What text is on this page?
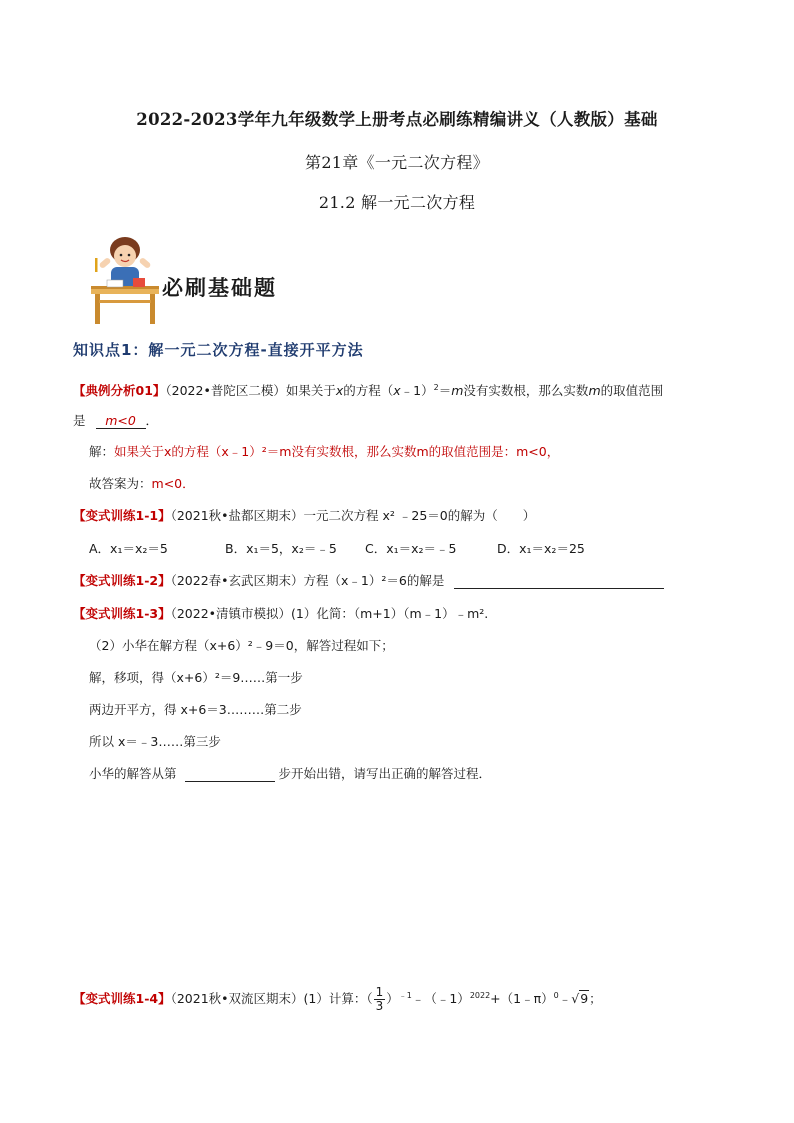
2022-2023学年九年级数学上册考点必刷练精编讲义（人教版）基础
第21章《一元二次方程》
21.2 解一元二次方程
必刷基础题
知识点1：解一元二次方程-直接开平方法
【典例分析01】（2022•普陀区二模）如果关于x的方程（x﹣1）$^2$＝m没有实数根，那么实数m的取值范围
是 m<0 ．
解：如果关于x的方程（x﹣1）²＝m没有实数根，那么实数m的取值范围是：m<0，
故答案为：m<0．
【变式训练1-1】（2021秋•盐都区期末）一元二次方程 x² ﹣25＝0的解为（　　）
A．x₁＝x₂＝5	B．x₁＝5，x₂＝﹣5 C．x₁＝x₂＝﹣5	D．x₁＝x₂＝25
【变式训练1-2】（2022春•玄武区期末）方程（x﹣1）²＝6的解是
【变式训练1-3】（2022•清镇市模拟）(1）化简：（m+1）（m﹣1）﹣m².
（2）小华在解方程（x+6）²﹣9＝0，解答过程如下；
解，移项，得（x+6）²＝9……第一步
两边开平方，得 x+6＝3………第二步
所以 x＝﹣3……第三步
小华的解答从第	步开始出错，请写出正确的解答过程．
【变式训练1-4】（2021秋•双流区期末）(1）计算：（ $\frac{1}{3}$ ）$^{﹣1}$﹣（﹣1）$^{2022}$+（1﹣π）$^0$﹣√9；
